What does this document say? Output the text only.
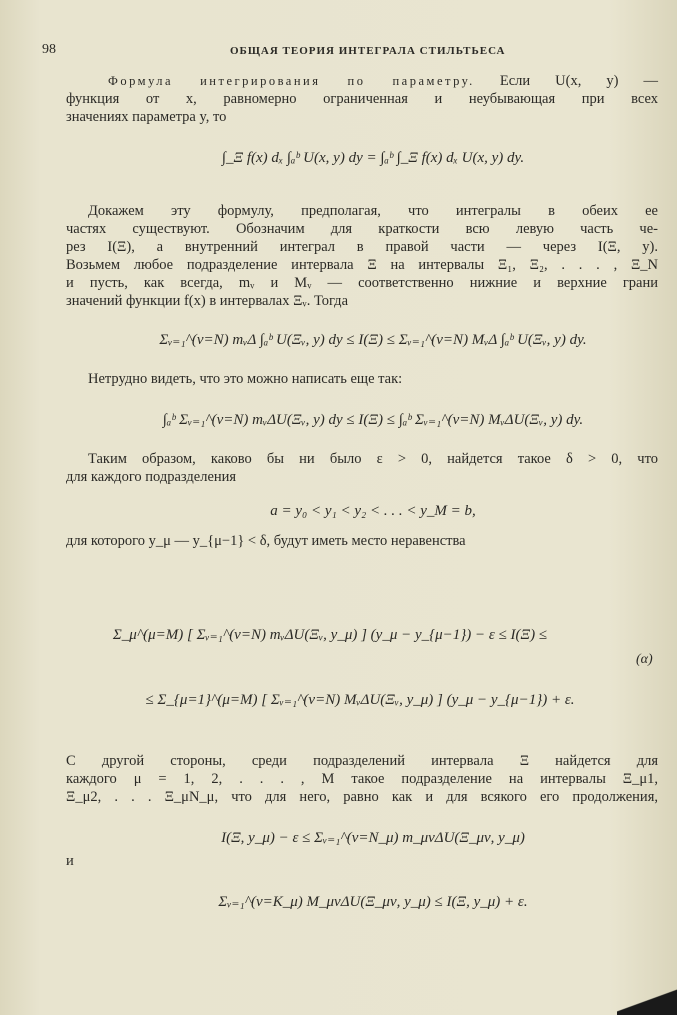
98	ОБЩАЯ ТЕОРИЯ ИНТЕГРАЛА СТИЛЬТЬЕСА
Формула интегрирования по параметру. Если U(x, y) —
функция от x, равномерно ограниченная и неубывающая при всех
значениях параметра y, то
∫_Ξ f(x) dₓ ∫ₐᵇ U(x, y) dy = ∫ₐᵇ ∫_Ξ f(x) dₓ U(x, y) dy.
Докажем эту формулу, предполагая, что интегралы в обеих ее
частях существуют. Обозначим для краткости всю левую часть че-
рез I(Ξ), а внутренний интеграл в правой части — через I(Ξ, y).
Возьмем любое подразделение интервала Ξ на интервалы Ξ₁, Ξ₂, . . . , Ξ_N
и пусть, как всегда, mᵥ и Mᵥ — соответственно нижние и верхние грани
значений функции f(x) в интервалах Ξᵥ. Тогда
Σᵥ₌₁^(ν=N) mᵥΔ ∫ₐᵇ U(Ξᵥ, y) dy ≤ I(Ξ) ≤ Σᵥ₌₁^(ν=N) MᵥΔ ∫ₐᵇ U(Ξᵥ, y) dy.
Нетрудно видеть, что это можно написать еще так:
∫ₐᵇ Σᵥ₌₁^(ν=N) mᵥΔU(Ξᵥ, y) dy ≤ I(Ξ) ≤ ∫ₐᵇ Σᵥ₌₁^(ν=N) MᵥΔU(Ξᵥ, y) dy.
Таким образом, каково бы ни было ε > 0, найдется такое δ > 0, что
для каждого подразделения
a = y₀ < y₁ < y₂ < . . . < y_M = b,
для которого y_μ — y_{μ−1} < δ, будут иметь место неравенства
Σ_μ^(μ=M) [ Σᵥ₌₁^(ν=N) mᵥΔU(Ξᵥ, y_μ) ] (y_μ − y_{μ−1}) − ε ≤ I(Ξ) ≤
≤ Σ_{μ=1}^(μ=M) [ Σᵥ₌₁^(ν=N) MᵥΔU(Ξᵥ, y_μ) ] (y_μ − y_{μ−1}) + ε.
(α)
С другой стороны, среди подразделений интервала Ξ найдется для
каждого μ = 1, 2, . . . , M такое подразделение на интервалы Ξ_μ1,
Ξ_μ2, . . . Ξ_μN_μ, что для него, равно как и для всякого его продолжения,
I(Ξ, y_μ) − ε ≤ Σᵥ₌₁^(ν=N_μ) m_μνΔU(Ξ_μν, y_μ)
и
Σᵥ₌₁^(ν=K_μ) M_μνΔU(Ξ_μν, y_μ) ≤ I(Ξ, y_μ) + ε.
